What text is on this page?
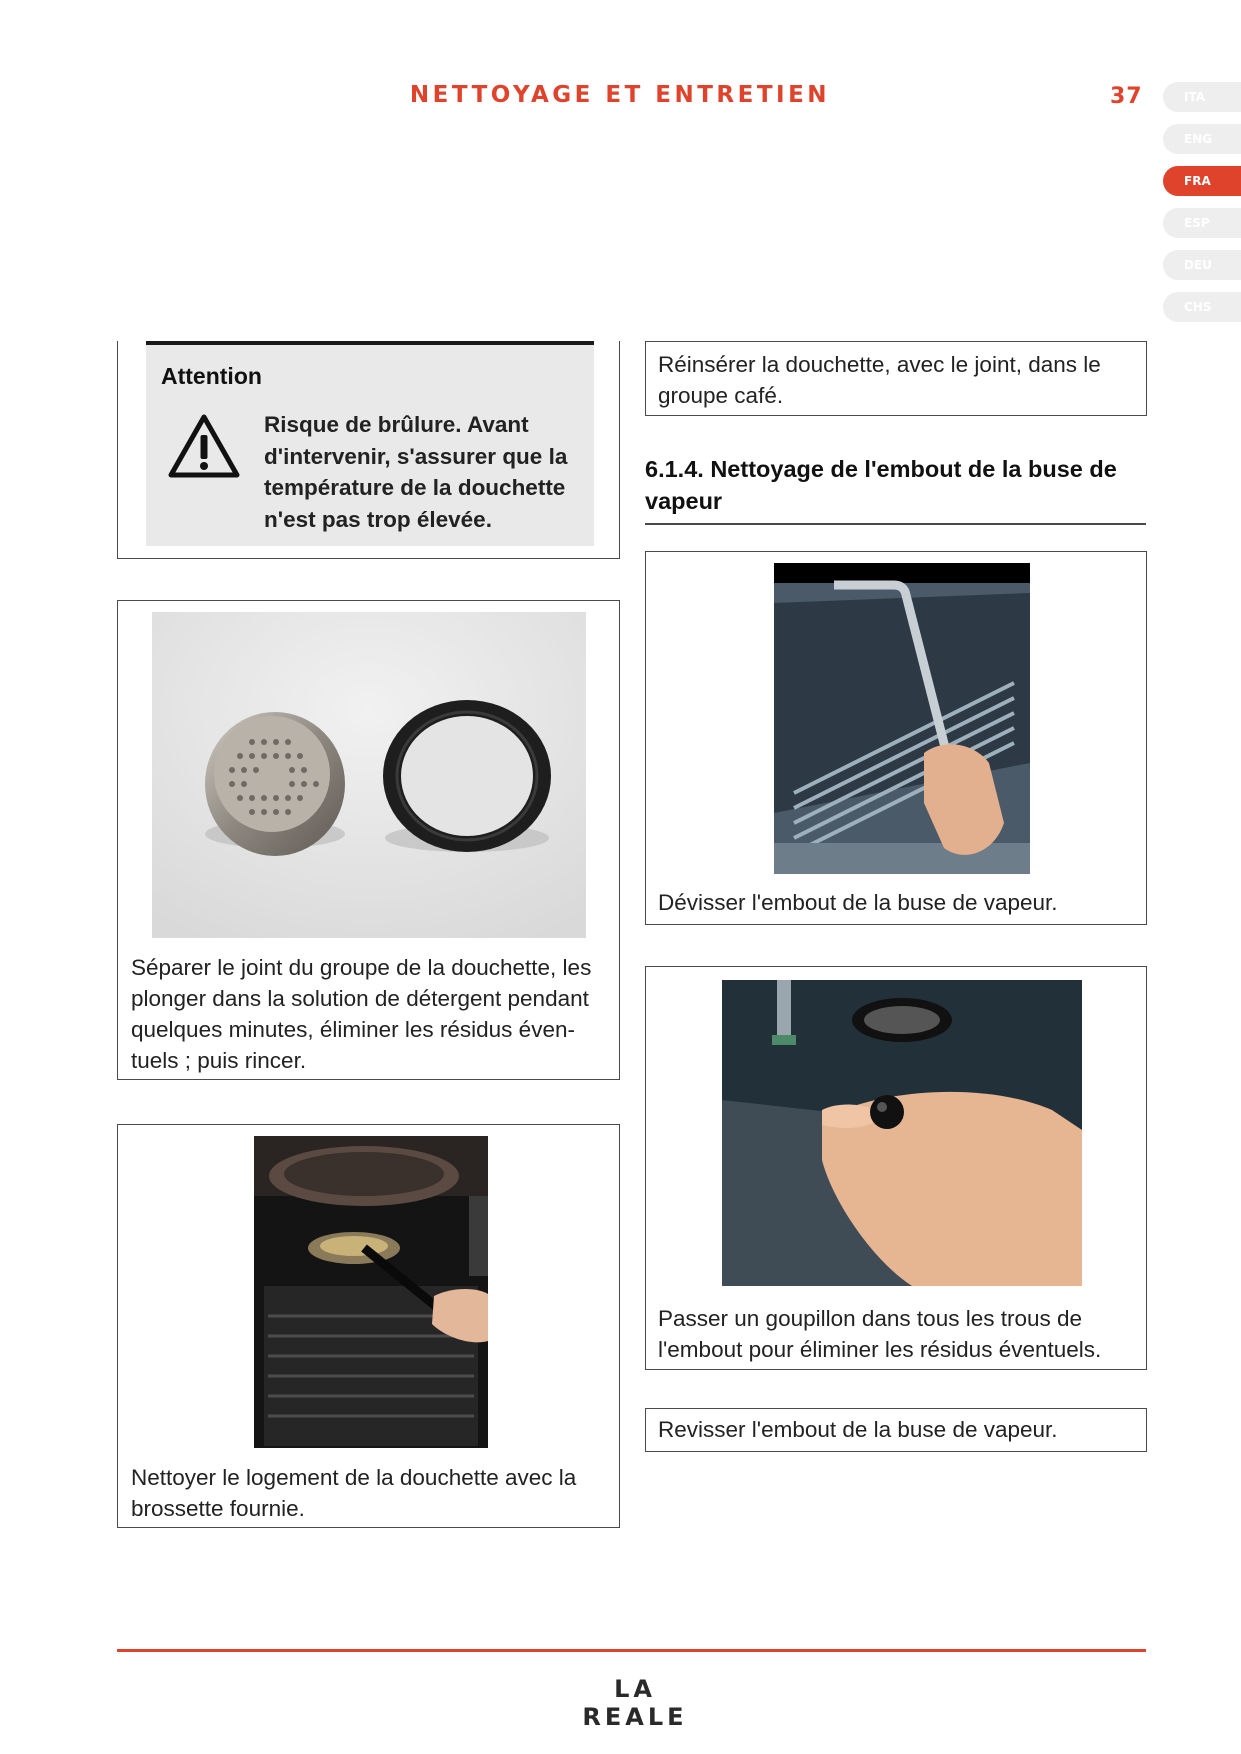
NETTOYAGE ET ENTRETIEN	37	ITA
ENG
FRA
ESP
DEU
CHS
Attention
Risque de brûlure. Avant d'intervenir, s'assurer que la température de la douchette n'est pas trop élevée.
Séparer le joint du groupe de la douchette, les plonger dans la solution de détergent pendant quelques minutes, éliminer les résidus éven-tuels ; puis rincer.
Nettoyer le logement de la douchette avec la brossette fournie.
Réinsérer la douchette, avec le joint, dans le groupe café.
6.1.4. Nettoyage de l'embout de la buse de vapeur
Dévisser l'embout de la buse de vapeur.
Passer un goupillon dans tous les trous de l'embout pour éliminer les résidus éventuels.
Revisser l'embout de la buse de vapeur.
LA REALE
